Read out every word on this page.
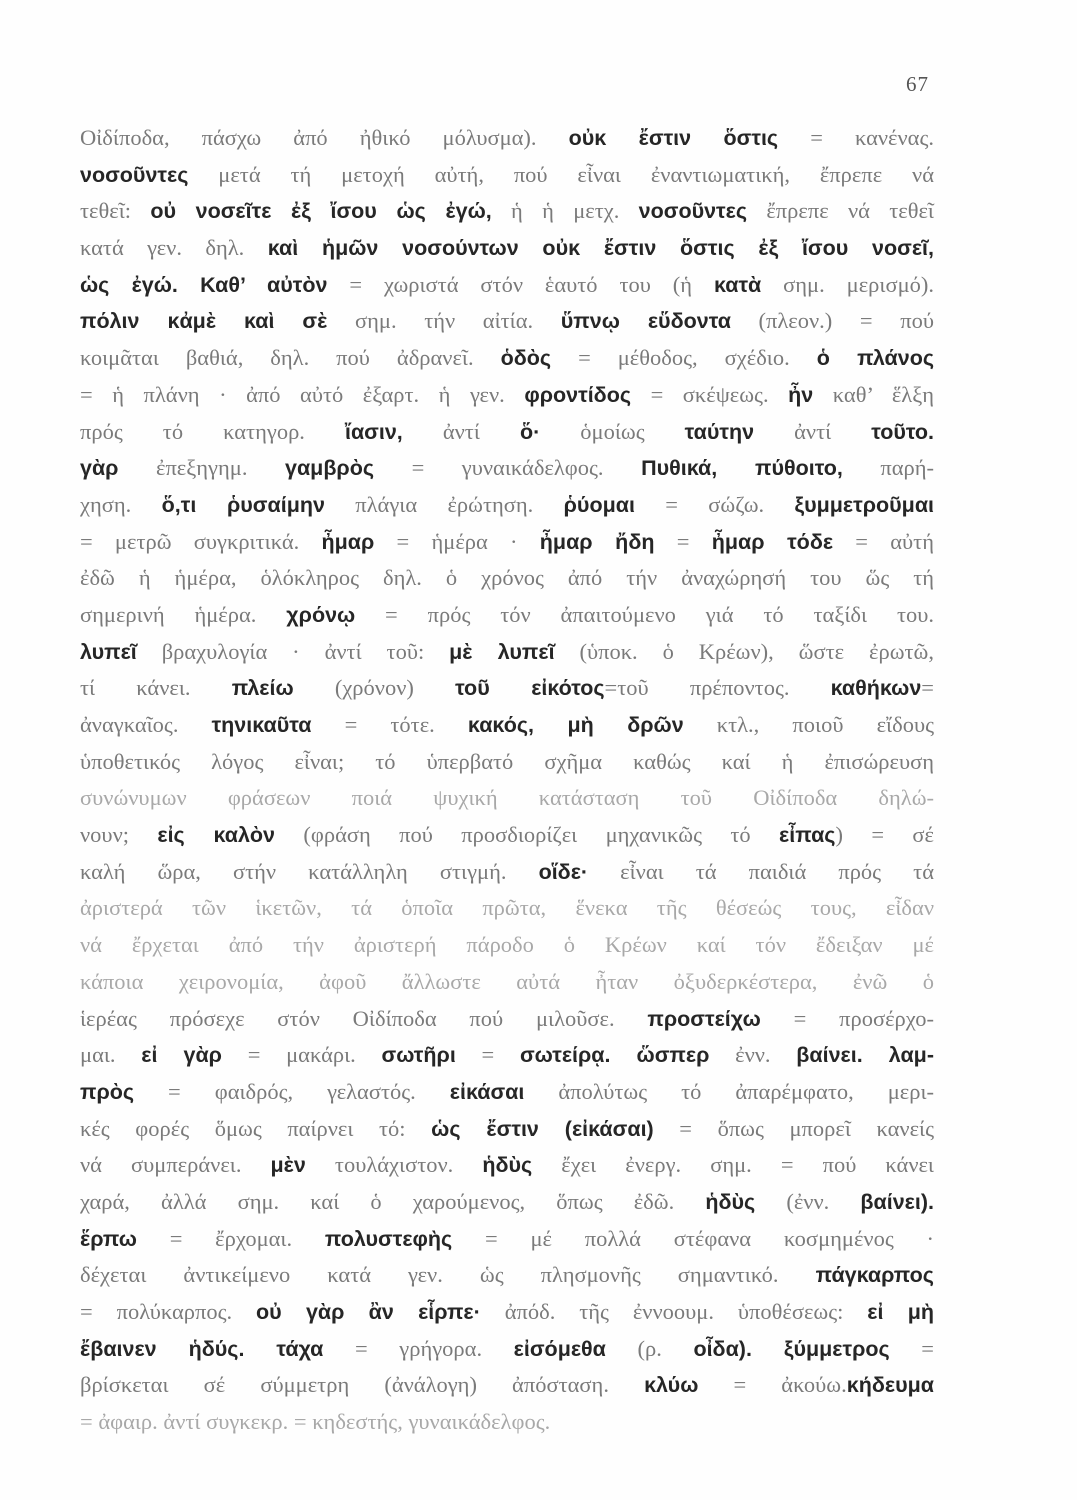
67
Οἰδίποδα, πάσχω ἀπό ἠθικό μόλυσμα). οὐκ ἔστιν ὅστις = κανένας.
νοσοῦντες μετά τή μετοχή αὐτή, πού εἶναι ἐναντιωματική, ἔπρεπε νά
τεθεῖ: οὐ νοσεῖτε ἐξ ἴσου ὡς ἐγώ, ἡ ἡ μετχ. νοσοῦντες ἔπρεπε νά τεθεῖ
κατά γεν. δηλ. καὶ ἡμῶν νοσούντων οὐκ ἔστιν ὅστις ἐξ ἴσου νοσεῖ,
ὡς ἐγώ. Καθ’ αὐτὸν = χωριστά στόν ἑαυτό του (ἡ κατὰ σημ. μερισμό).
πόλιν κἀμὲ καὶ σὲ σημ. τήν αἰτία. ὕπνῳ εὕδοντα (πλεον.) = πού
κοιμᾶται βαθιά, δηλ. πού ἀδρανεῖ. ὁδὸς = μέθοδος, σχέδιο. ὁ πλάνος
= ἡ πλάνη · ἀπό αὐτό ἐξαρτ. ἡ γεν. φροντίδος = σκέψεως. ἦν καθ’ ἕλξη
πρός τό κατηγορ. ἴασιν, ἀντί ὅ· ὁμοίως ταύτην ἀντί τοῦτο.
γὰρ ἐπεξηγημ. γαμβρὸς = γυναικάδελφος. Πυθικά, πύθοιτο, παρή-
χηση. ὅ,τι ῥυσαίμην πλάγια ἐρώτηση. ῥύομαι = σώζω. ξυμμετροῦμαι
= μετρῶ συγκριτικά. ἦμαρ = ἡμέρα · ἦμαρ ἤδη = ἦμαρ τόδε = αὐτή
ἐδῶ ἡ ἡμέρα, ὁλόκληρος δηλ. ὁ χρόνος ἀπό τήν ἀναχώρησή του ὥς τή
σημερινή ἡμέρα. χρόνῳ = πρός τόν ἀπαιτούμενο γιά τό ταξίδι του.
λυπεῖ βραχυλογία · ἀντί τοῦ: μὲ λυπεῖ (ὑποκ. ὁ Κρέων), ὥστε ἐρωτῶ,
τί κάνει. πλείω (χρόνον) τοῦ εἰκότος=τοῦ πρέποντος. καθήκων=
ἀναγκαῖος. τηνικαῦτα = τότε. κακός, μὴ δρῶν κτλ., ποιοῦ εἴδους
ὑποθετικός λόγος εἶναι; τό ὑπερβατό σχῆμα καθώς καί ἡ ἐπισώρευση
συνώνυμων φράσεων ποιά ψυχική κατάσταση τοῦ Οἰδίποδα δηλώ-
νουν; εἰς καλὸν (φράση πού προσδιορίζει μηχανικῶς τό εἶπας) = σέ
καλή ὥρα, στήν κατάλληλη στιγμή. οἵδε· εἶναι τά παιδιά πρός τά
ἀριστερά τῶν ἱκετῶν, τά ὁποῖα πρῶτα, ἕνεκα τῆς θέσεώς τους, εἶδαν
νά ἔρχεται ἀπό τήν ἀριστερή πάροδο ὁ Κρέων καί τόν ἔδειξαν μέ
κάποια χειρονομία, ἀφοῦ ἄλλωστε αὐτά ἦταν ὀξυδερκέστερα, ἐνῶ ὁ
ἱερέας πρόσεχε στόν Οἰδίποδα πού μιλοῦσε. προστείχω = προσέρχο-
μαι. εἰ γὰρ = μακάρι. σωτῆρι = σωτείρᾳ. ὥσπερ ἐνν. βαίνει. λαμ-
πρὸς = φαιδρός, γελαστός. εἰκάσαι ἀπολύτως τό ἀπαρέμφατο, μερι-
κές φορές ὅμως παίρνει τό: ὡς ἔστιν (εἰκάσαι) = ὅπως μπορεῖ κανείς
νά συμπεράνει. μὲν τουλάχιστον. ἡδὺς ἔχει ἐνεργ. σημ. = πού κάνει
χαρά, ἀλλά σημ. καί ὁ χαρούμενος, ὅπως ἐδῶ. ἡδὺς (ἐνν. βαίνει).
ἕρπω = ἔρχομαι. πολυστεφὴς = μέ πολλά στέφανα κοσμημένος ·
δέχεται ἀντικείμενο κατά γεν. ὡς πλησμονῆς σημαντικό. πάγκαρπος
= πολύκαρπος. οὐ γὰρ ἂν εἷρπε· ἀπόδ. τῆς ἐννοουμ. ὑποθέσεως: εἰ μὴ
ἔβαινεν ἡδύς. τάχα = γρήγορα. εἰσόμεθα (ρ. οἶδα). ξύμμετρος =
βρίσκεται σέ σύμμετρη (ἀνάλογη) ἀπόσταση. κλύω = ἀκούω.κήδευμα
= ἀφαιρ. ἀντί συγκεκρ. = κηδεστής, γυναικάδελφος.
